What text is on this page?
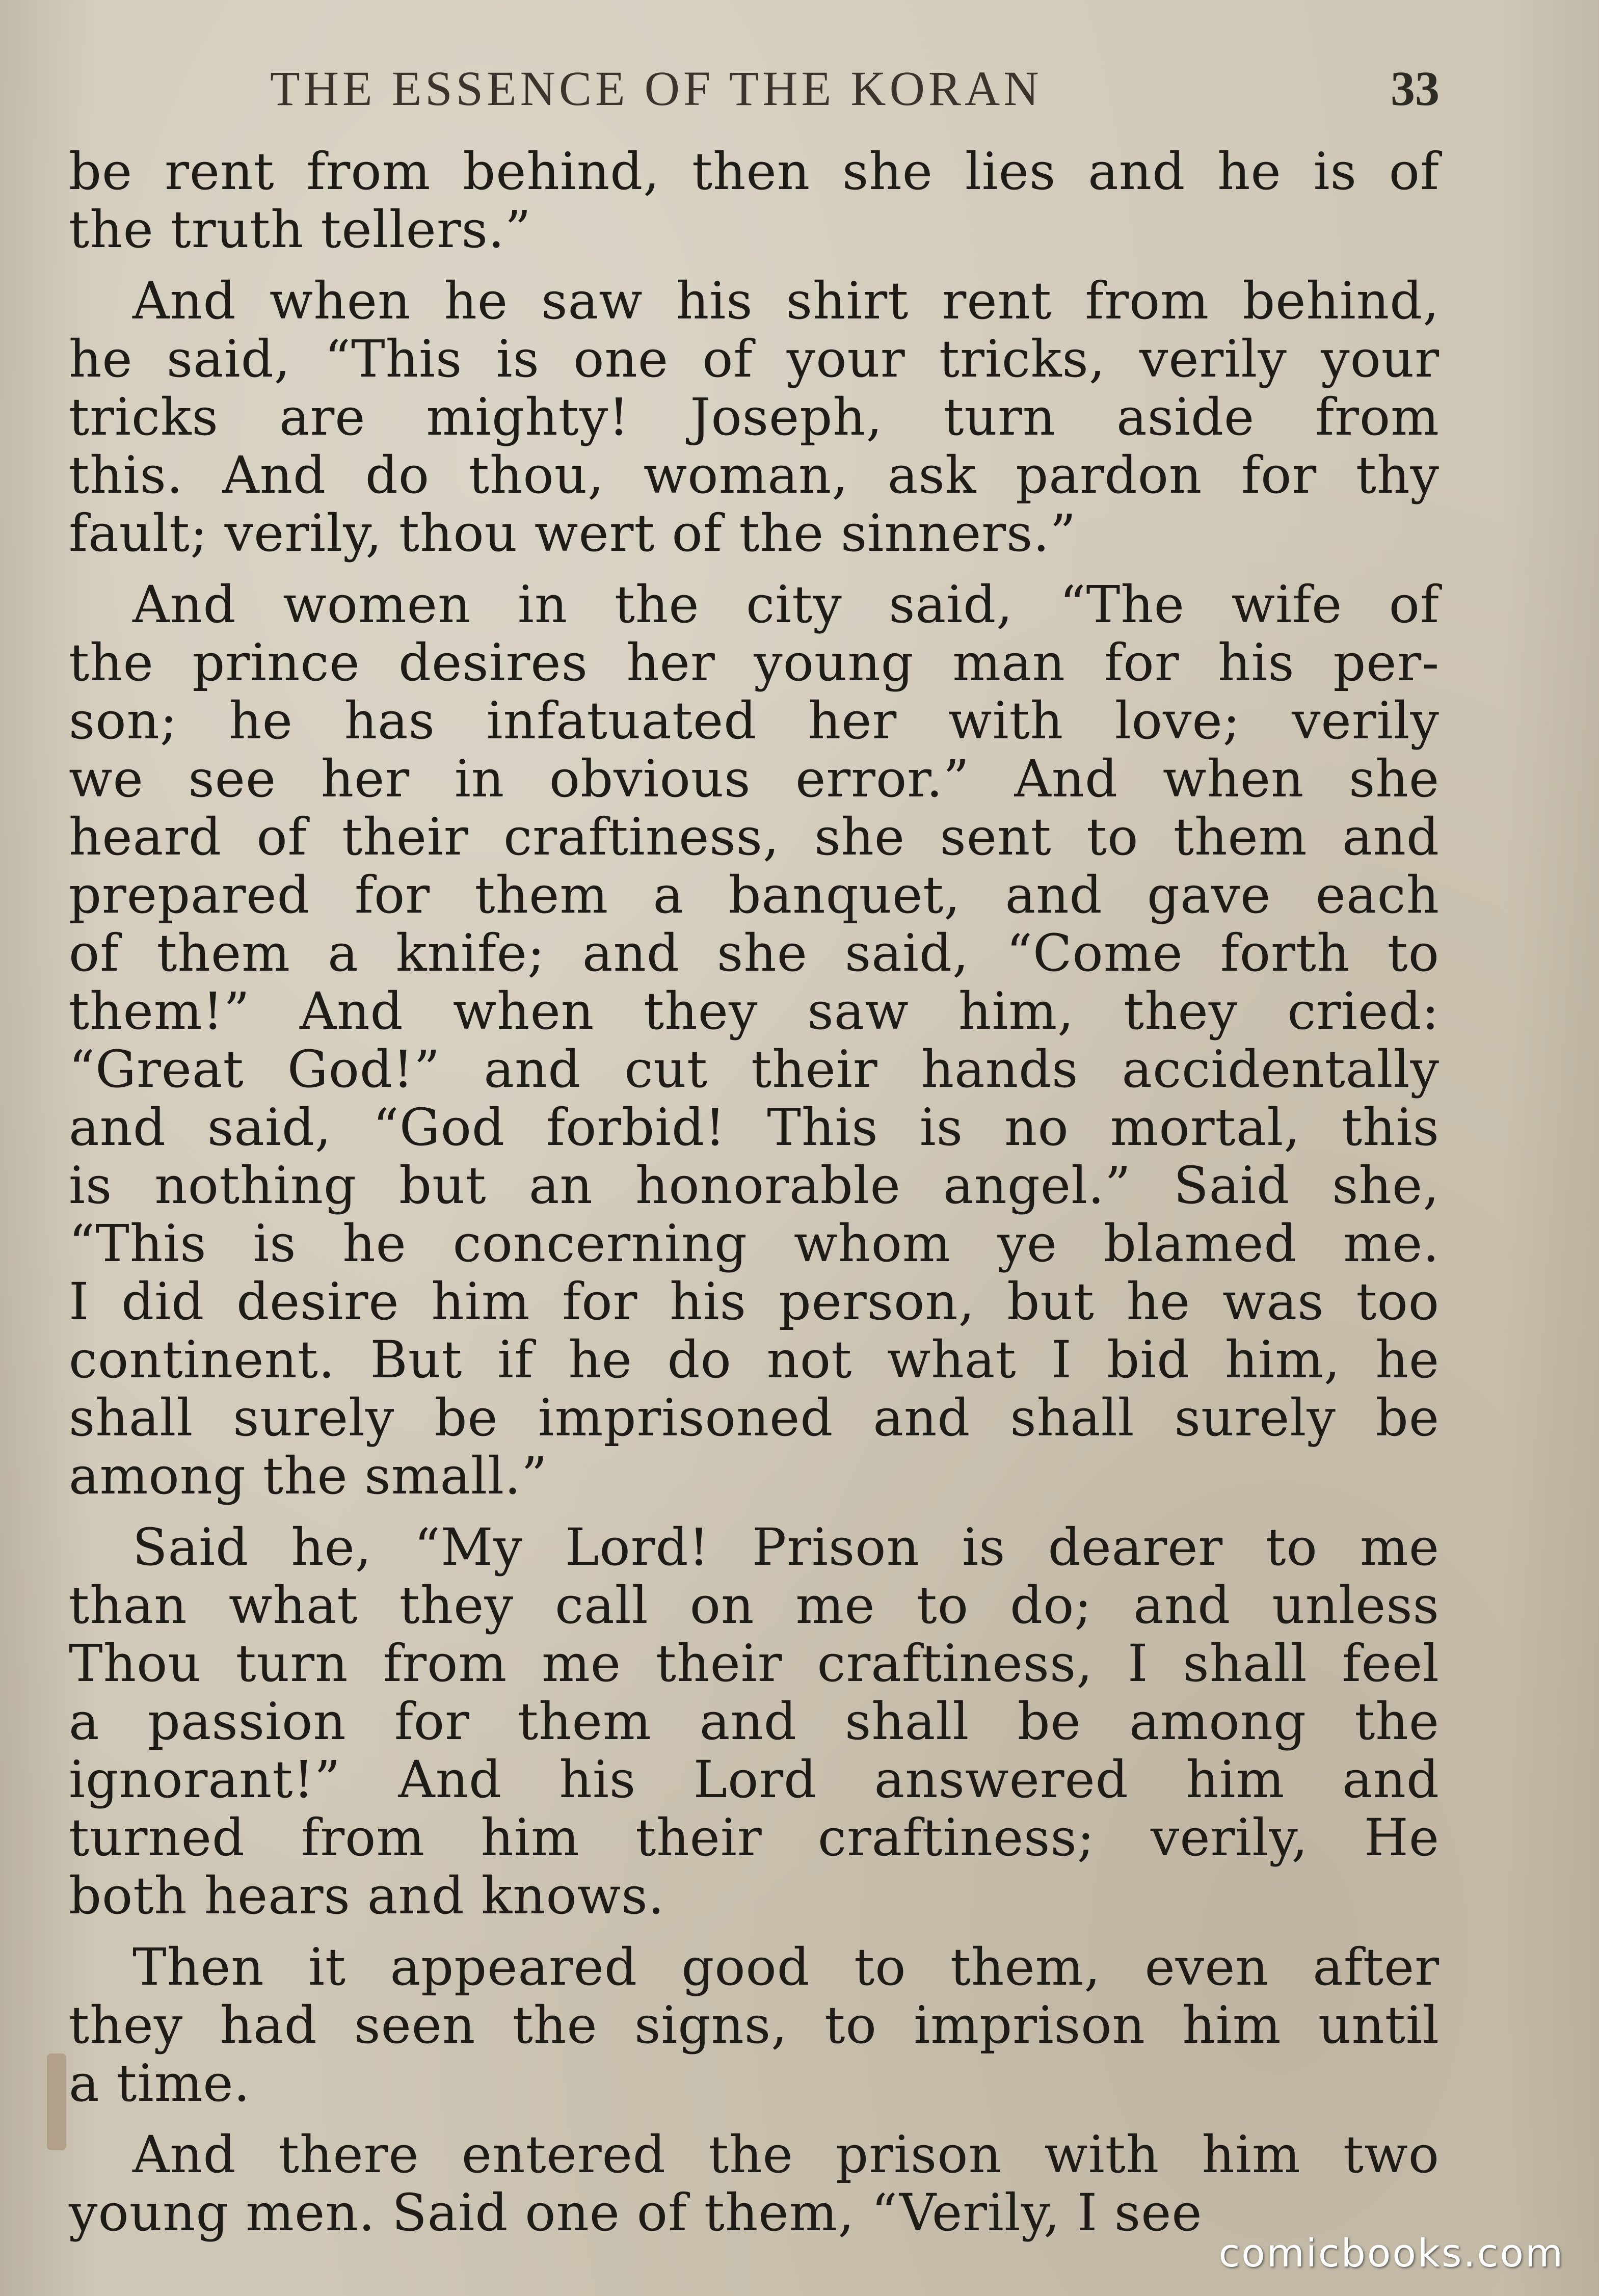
THE ESSENCE OF THE KORAN	33
be rent from behind, then she lies and he is of
the truth tellers.”
And when he saw his shirt rent from behind,
he said, “This is one of your tricks, verily your
tricks are mighty! Joseph, turn aside from
this. And do thou, woman, ask pardon for thy
fault; verily, thou wert of the sinners.”
And women in the city said, “The wife of
the prince desires her young man for his per-
son; he has infatuated her with love; verily
we see her in obvious error.” And when she
heard of their craftiness, she sent to them and
prepared for them a banquet, and gave each
of them a knife; and she said, “Come forth to
them!” And when they saw him, they cried:
“Great God!” and cut their hands accidentally
and said, “God forbid! This is no mortal, this
is nothing but an honorable angel.” Said she,
“This is he concerning whom ye blamed me.
I did desire him for his person, but he was too
continent. But if he do not what I bid him, he
shall surely be imprisoned and shall surely be
among the small.”
Said he, “My Lord! Prison is dearer to me
than what they call on me to do; and unless
Thou turn from me their craftiness, I shall feel
a passion for them and shall be among the
ignorant!” And his Lord answered him and
turned from him their craftiness; verily, He
both hears and knows.
Then it appeared good to them, even after
they had seen the signs, to imprison him until
a time.
And there entered the prison with him two
young men. Said one of them, “Verily, I see
comicbooks.com
